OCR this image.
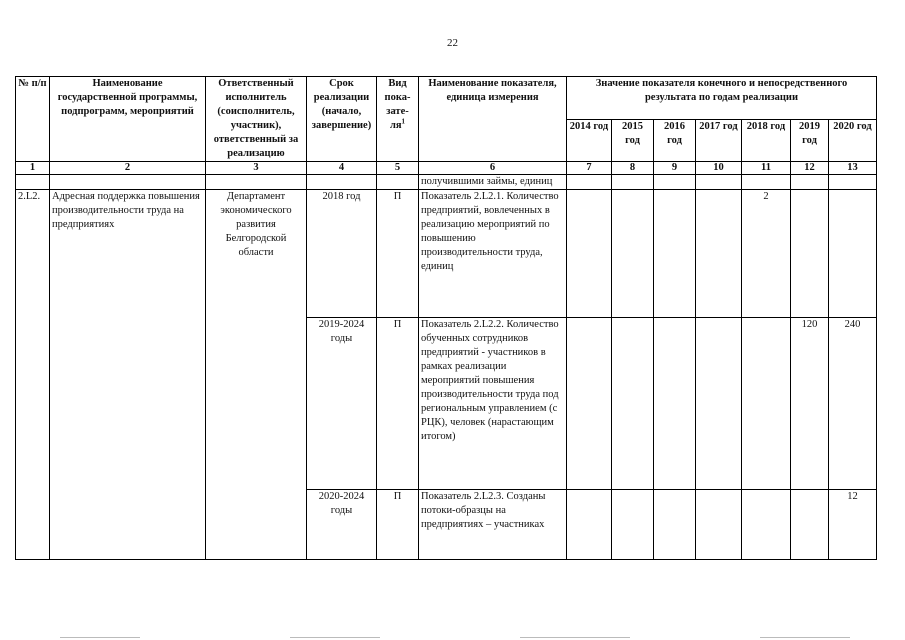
22
№ п/п	Наименование государственной программы, подпрограмм, мероприятий	Ответственный исполнитель (соисполнитель, участник), ответственный за реализацию	Срок реализации (начало, завершение)	Вид пока-$зате-ля^1$	Наименование показателя, единица измерения	Значение показателя конечного и непосредственного результата по годам реализации						
						2014 год	2015 год	2016 год	2017 год	2018 год	2019 год	2020 год
1	2	3	4	5	6	7	8	9	10	11	12	13
					получившими займы, единиц							
2.L2.	Адресная поддержка повышения производительности труда на предприятиях	Департамент экономического развития Белгородской области	2018 год	П	Показатель 2.L2.1. Количество предприятий, вовлеченных в реализацию мероприятий по повышению производительности труда, единиц					2		
			2019-2024 годы	П	Показатель 2.L2.2. Количество обученных сотрудников предприятий - участников в рамках реализации мероприятий повышения производительности труда под региональным управлением (с РЦК), человек (нарастающим итогом)						120	240
			2020-2024 годы	П	Показатель 2.L2.3. Созданы потоки-образцы на предприятиях – участниках							12
